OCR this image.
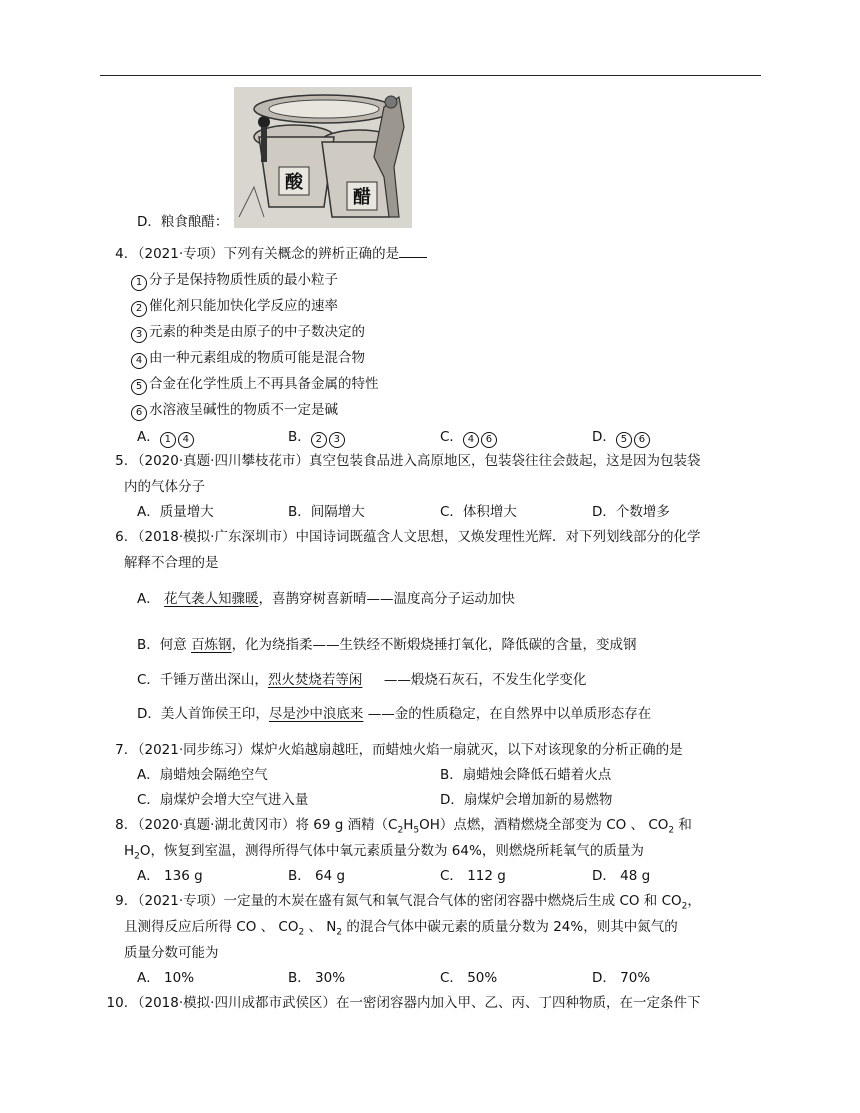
酸
醋
D．粮食酿醋：
4. （2021·专项）下列有关概念的辨析正确的是
1 分子是保持物质性质的最小粒子
2 催化剂只能加快化学反应的速率
3 元素的种类是由原子的中子数决定的
4 由一种元素组成的物质可能是混合物
5 合金在化学性质上不再具备金属的特性
6 水溶液呈碱性的物质不一定是碱
A． 1 4	B． 2 3	C． 4 6	D． 5 6
5. （2020·真题·四川攀枝花市）真空包装食品进入高原地区，包装袋往往会鼓起，这是因为包装袋
内的气体分子
A．质量增大	B．间隔增大	C．体积增大	D．个数增多
6. （2018·模拟·广东深圳市）中国诗词既蕴含人文思想，又焕发理性光辉．对下列划线部分的化学
解释不合理的是
A． 花气袭人知骤暖，喜鹊穿树喜新晴——温度高分子运动加快
B．何意 百炼钢，化为绕指柔——生铁经不断煅烧捶打氧化，降低碳的含量，变成钢
C．千锤万凿出深山，烈火焚烧若等闲 ——煅烧石灰石，不发生化学变化
D．美人首饰侯王印，尽是沙中浪底来 ——金的性质稳定，在自然界中以单质形态存在
7. （2021·同步练习）煤炉火焰越扇越旺，而蜡烛火焰一扇就灭，以下对该现象的分析正确的是
A．扇蜡烛会隔绝空气	B．扇蜡烛会降低石蜡着火点
C．扇煤炉会增大空气进入量	D．扇煤炉会增加新的易燃物
8. （2020·真题·湖北黄冈市）将 69 g 酒精$(C_2H_5OH)$点燃，酒精燃烧全部变为 CO 、 $CO_2$ 和
$H_2O$，恢复到室温，测得所得气体中氧元素质量分数为 64%，则燃烧所耗氧气的质量为
A． 136 g	B． 64 g	C． 112 g	D． 48 g
9. （2021·专项）一定量的木炭在盛有氮气和氧气混合气体的密闭容器中燃烧后生成 CO 和 $CO_2$，
且测得反应后所得 CO 、 $CO_2$ 、 $N_2$ 的混合气体中碳元素的质量分数为 24%，则其中氮气的
质量分数可能为
A． 10%	B． 30%	C． 50%	D． 70%
10. （2018·模拟·四川成都市武侯区）在一密闭容器内加入甲、乙、丙、丁四种物质，在一定条件下
